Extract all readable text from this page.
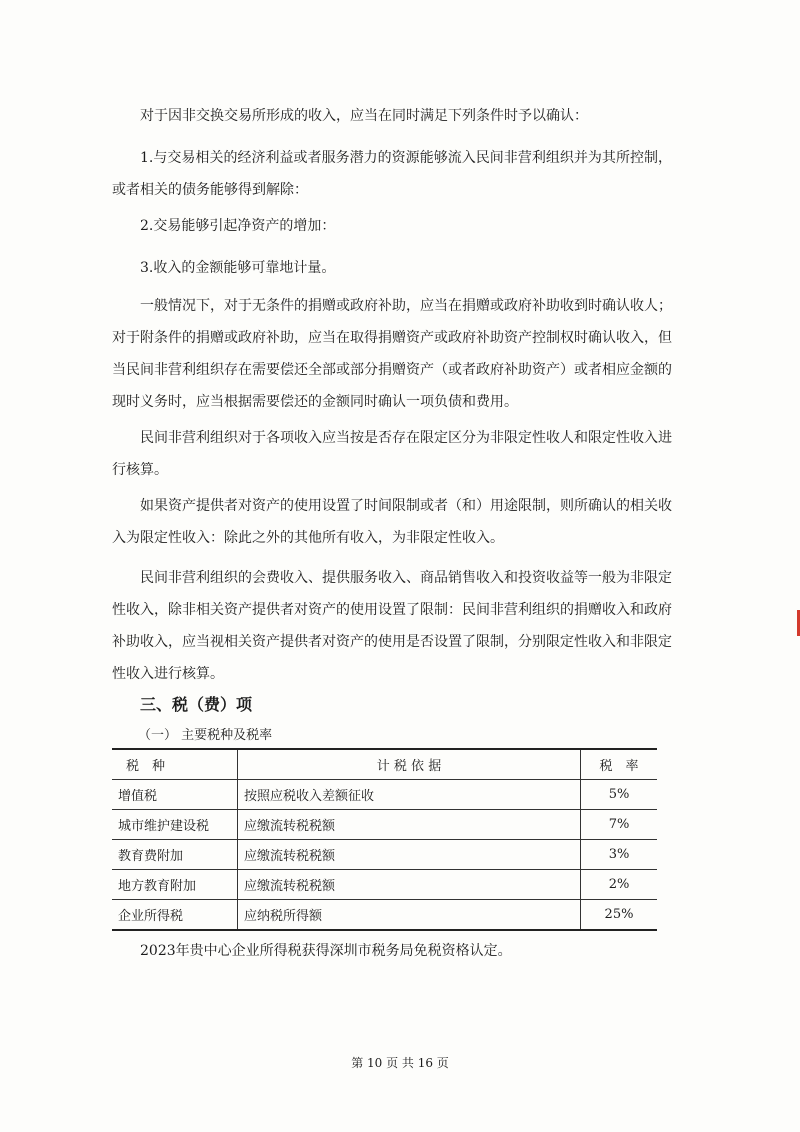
对于因非交换交易所形成的收入，应当在同时满足下列条件时予以确认：

1.与交易相关的经济利益或者服务潜力的资源能够流入民间非营利组织并为其所控制，或者相关的债务能够得到解除：

2.交易能够引起净资产的增加：

3.收入的金额能够可靠地计量。

一般情况下，对于无条件的捐赠或政府补助，应当在捐赠或政府补助收到时确认收人；对于附条件的捐赠或政府补助，应当在取得捐赠资产或政府补助资产控制权时确认收入，但当民间非营利组织存在需要偿还全部或部分捐赠资产（或者政府补助资产）或者相应金额的现时义务时，应当根据需要偿还的金额同时确认一项负债和费用。

民间非营利组织对于各项收入应当按是否存在限定区分为非限定性收人和限定性收入进行核算。

如果资产提供者对资产的使用设置了时间限制或者（和）用途限制，则所确认的相关收入为限定性收入：除此之外的其他所有收入，为非限定性收入。

民间非营利组织的会费收入、提供服务收入、商品销售收入和投资收益等一般为非限定性收入，除非相关资产提供者对资产的使用设置了限制：民间非营利组织的捐赠收入和政府补助收入，应当视相关资产提供者对资产的使用是否设置了限制，分别限定性收入和非限定性收入进行核算。

三、税（费）项

（一） 主要税种及税率

税　种	计 税 依 据	税　率
增值税	按照应税收入差额征收	5%
城市维护建设税	应缴流转税税额	7%
教育费附加	应缴流转税税额	3%
地方教育附加	应缴流转税税额	2%
企业所得税	应纳税所得额	25%

2023年贵中心企业所得税获得深圳市税务局免税资格认定。

第 10 页 共 16 页
